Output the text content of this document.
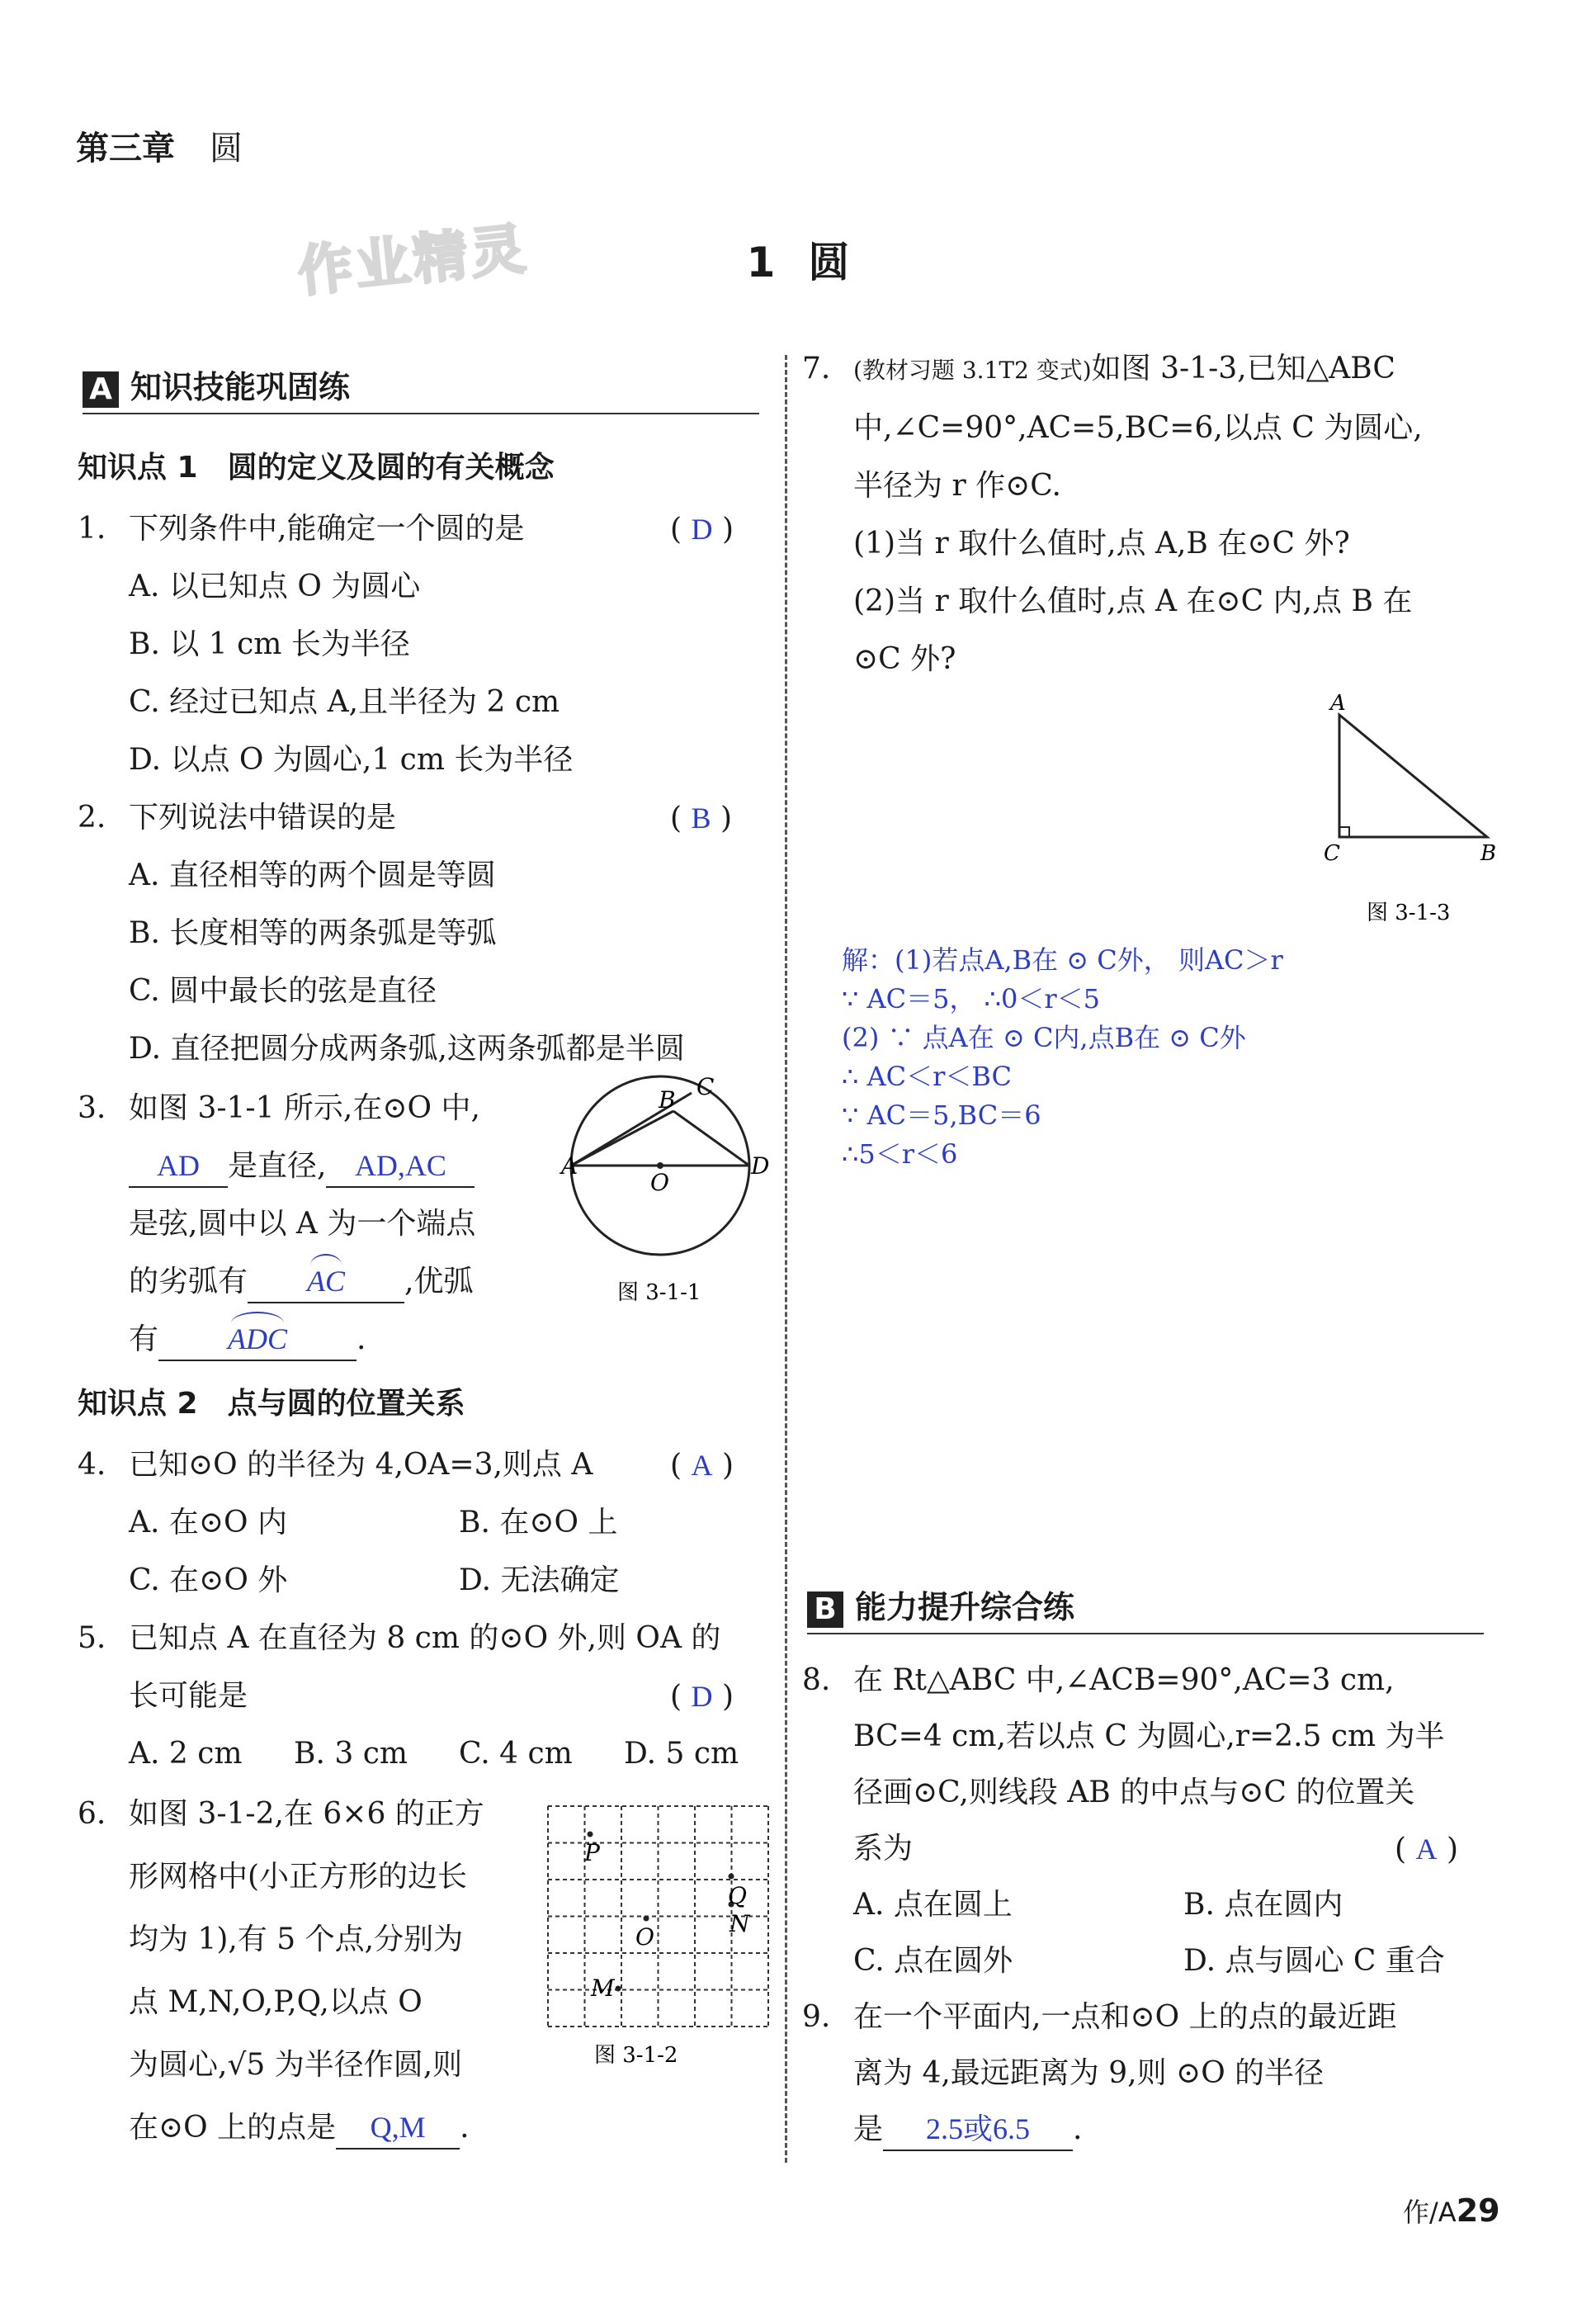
第三章 圆
作业精灵	1 圆
A 知识技能巩固练
知识点 1　圆的定义及圆的有关概念
1. 下列条件中,能确定一个圆的是
A. 以已知点 O 为圆心
B. 以 1 cm 长为半径
C. 经过已知点 A,且半径为 2 cm
D. 以点 O 为圆心,1 cm 长为半径
( D )
2. 下列说法中错误的是
A. 直径相等的两个圆是等圆
B. 长度相等的两条弧是等弧
C. 圆中最长的弦是直径
D. 直径把圆分成两条弧,这两条弧都是半圆
( B )
3. 如图 3-1-1 所示,在⊙O 中,
AD 是直径, AD,AC
是弦,圆中以 A 为一个端点
的劣弧有 AC ,优弧
有 ADC .
A
B C
D
O
图 3-1-1
知识点 2　点与圆的位置关系
4. 已知⊙O 的半径为 4,OA=3,则点 A
A. 在⊙O 内	B. 在⊙O 上
C. 在⊙O 外	D. 无法确定
( A )
5. 已知点 A 在直径为 8 cm 的⊙O 外,则 OA 的
长可能是
A. 2 cm	B. 3 cm	C. 4 cm	D. 5 cm
( D )
6. 如图 3-1-2,在 6×6 的正方
形网格中(小正方形的边长
均为 1),有 5 个点,分别为
点 M,N,O,P,Q,以点 O
为圆心,√5 为半径作圆,则
在⊙O 上的点是 Q,M .
P
Q
O	N
M
图 3-1-2
7. (教材习题 3.1T2 变式)如图 3-1-3,已知△ABC
中,∠C=90°,AC=5,BC=6,以点 C 为圆心,
半径为 r 作⊙C.
(1)当 r 取什么值时,点 A,B 在⊙C 外?
(2)当 r 取什么值时,点 A 在⊙C 内,点 B 在
⊙C 外?
A
C	B
图 3-1-3
解：(1)若点A,B在 ⊙ C外， 则AC＞r
∵ AC＝5， ∴0＜r＜5
(2) ∵ 点A在 ⊙ C内,点B在 ⊙ C外
∴ AC＜r＜BC
∵ AC＝5,BC＝6
∴5＜r＜6
B 能力提升综合练
8. 在 Rt△ABC 中,∠ACB=90°,AC=3 cm,
BC=4 cm,若以点 C 为圆心,r=2.5 cm 为半
径画⊙C,则线段 AB 的中点与⊙C 的位置关
系为
A. 点在圆上	B. 点在圆内
C. 点在圆外	D. 点与圆心 C 重合
( A )
9. 在一个平面内,一点和⊙O 上的点的最近距
离为 4,最远距离为 9,则 ⊙O 的半径
是 2.5或6.5 .
作/A29
